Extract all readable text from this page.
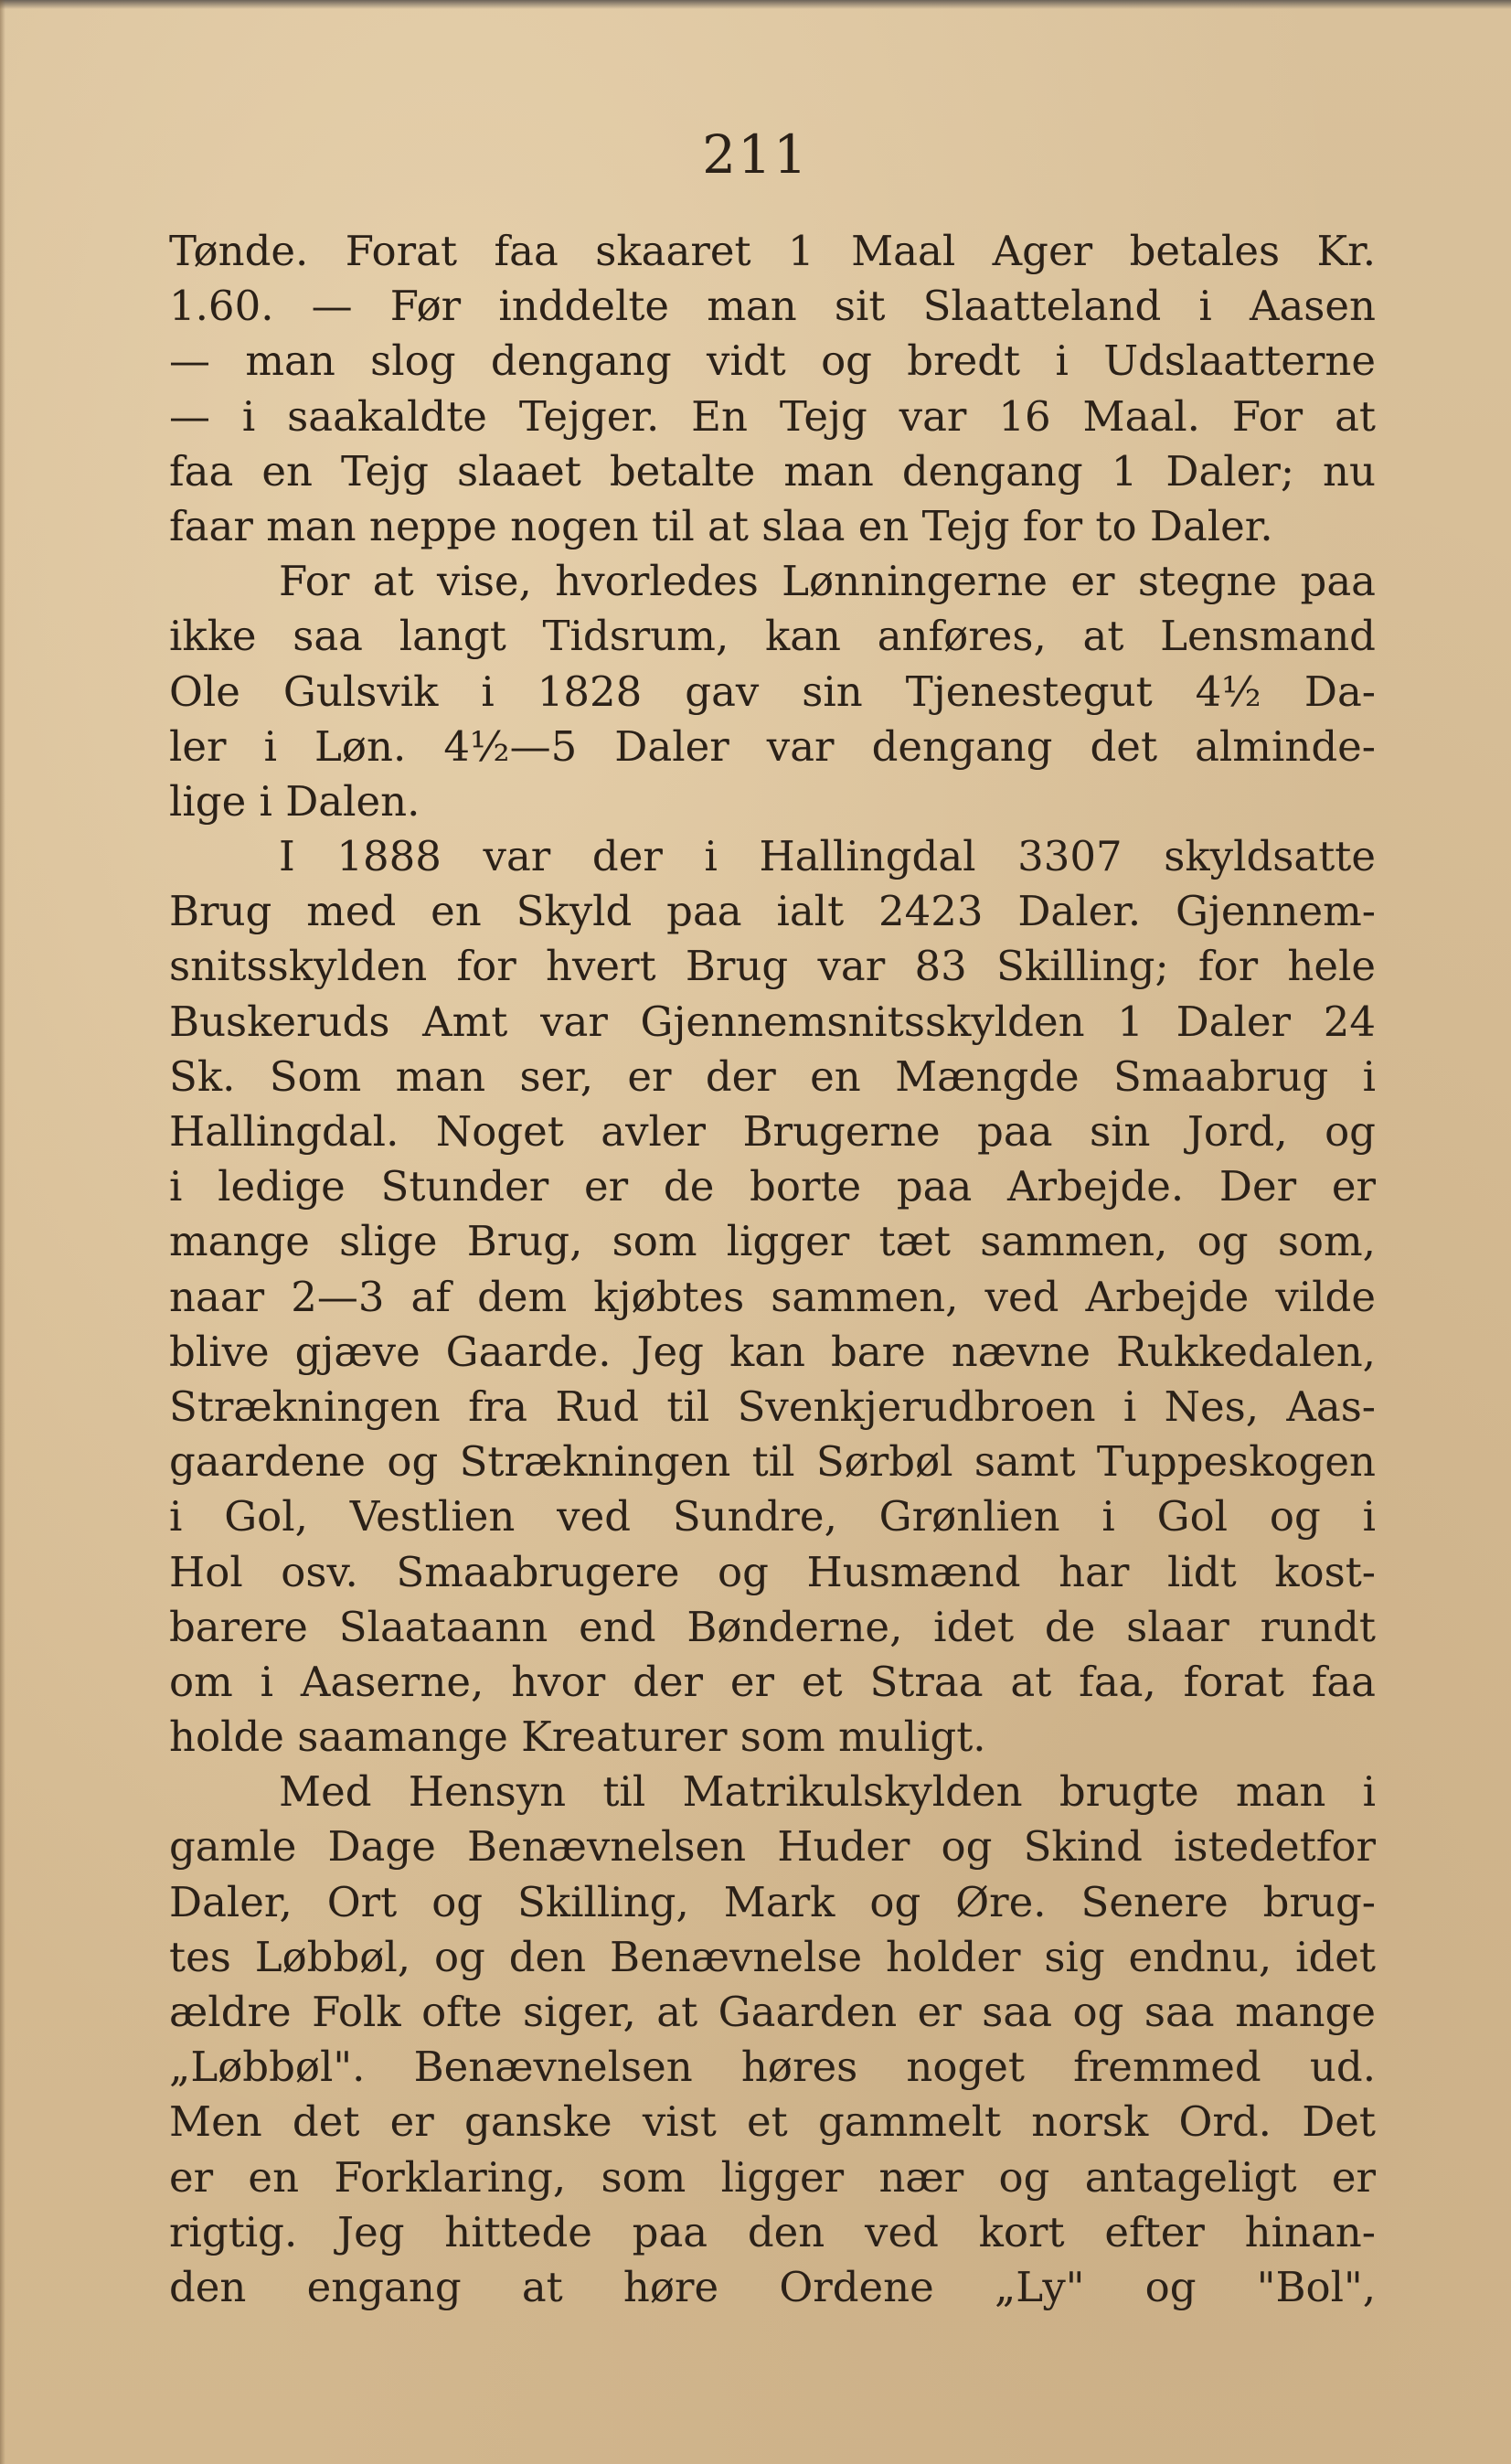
211
Tønde. Forat faa skaaret 1 Maal Ager betales Kr.
1.60. — Før inddelte man sit Slaatteland i Aasen
— man slog dengang vidt og bredt i Udslaatterne
— i saakaldte Tejger. En Tejg var 16 Maal. For at
faa en Tejg slaaet betalte man dengang 1 Daler; nu
faar man neppe nogen til at slaa en Tejg for to Daler.
For at vise, hvorledes Lønningerne er stegne paa
ikke saa langt Tidsrum, kan anføres, at Lensmand
Ole Gulsvik i 1828 gav sin Tjenestegut 4½ Da-
ler i Løn. 4½—5 Daler var dengang det alminde-
lige i Dalen.
I 1888 var der i Hallingdal 3307 skyldsatte
Brug med en Skyld paa ialt 2423 Daler. Gjennem-
snitsskylden for hvert Brug var 83 Skilling; for hele
Buskeruds Amt var Gjennemsnitsskylden 1 Daler 24
Sk. Som man ser, er der en Mængde Smaabrug i
Hallingdal. Noget avler Brugerne paa sin Jord, og
i ledige Stunder er de borte paa Arbejde. Der er
mange slige Brug, som ligger tæt sammen, og som,
naar 2—3 af dem kjøbtes sammen, ved Arbejde vilde
blive gjæve Gaarde. Jeg kan bare nævne Rukkedalen,
Strækningen fra Rud til Svenkjerudbroen i Nes, Aas-
gaardene og Strækningen til Sørbøl samt Tuppeskogen
i Gol, Vestlien ved Sundre, Grønlien i Gol og i
Hol osv. Smaabrugere og Husmænd har lidt kost-
barere Slaataann end Bønderne, idet de slaar rundt
om i Aaserne, hvor der er et Straa at faa, forat faa
holde saamange Kreaturer som muligt.
Med Hensyn til Matrikulskylden brugte man i
gamle Dage Benævnelsen Huder og Skind istedetfor
Daler, Ort og Skilling, Mark og Øre. Senere brug-
tes Løbbøl, og den Benævnelse holder sig endnu, idet
ældre Folk ofte siger, at Gaarden er saa og saa mange
„Løbbøl". Benævnelsen høres noget fremmed ud.
Men det er ganske vist et gammelt norsk Ord. Det
er en Forklaring, som ligger nær og antageligt er
rigtig. Jeg hittede paa den ved kort efter hinan-
den engang at høre Ordene „Ly" og "Bol",
